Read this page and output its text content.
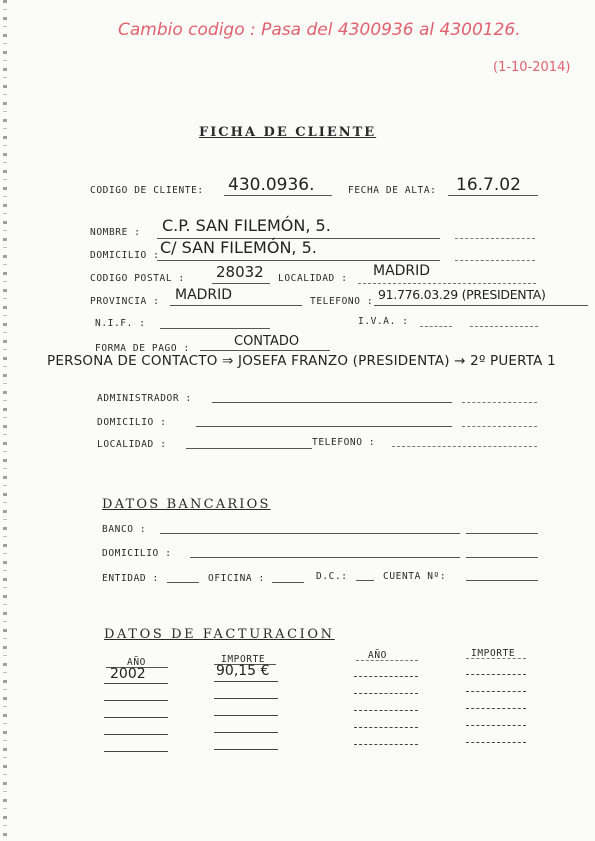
Cambio codigo : Pasa del 4300936 al 4300126.
(1-10-2014)
FICHA DE CLIENTE
CODIGO DE CLIENTE: 430.0936.	FECHA DE ALTA: 16.7.02
NOMBRE : C.P. SAN FILEMÓN, 5.
DOMICILIO : C/ SAN FILEMÓN, 5.
CODIGO POSTAL : 28032 LOCALIDAD : MADRID
PROVINCIA : MADRID	TELEFONO : 91.776.03.29 (PRESIDENTA)
N.I.F. :	I.V.A. :
FORMA DE PAGO :	CONTADO
PERSONA DE CONTACTO ⇒ JOSEFA FRANZO (PRESIDENTA) → 2º PUERTA 1
ADMINISTRADOR :
DOMICILIO :
LOCALIDAD :	TELEFONO :
DATOS BANCARIOS
BANCO :
DOMICILIO :
ENTIDAD :	OFICINA :	D.C.:	CUENTA Nº:
DATOS DE FACTURACION
AÑO	IMPORTE	AÑO	IMPORTE
2002	90,15 €
